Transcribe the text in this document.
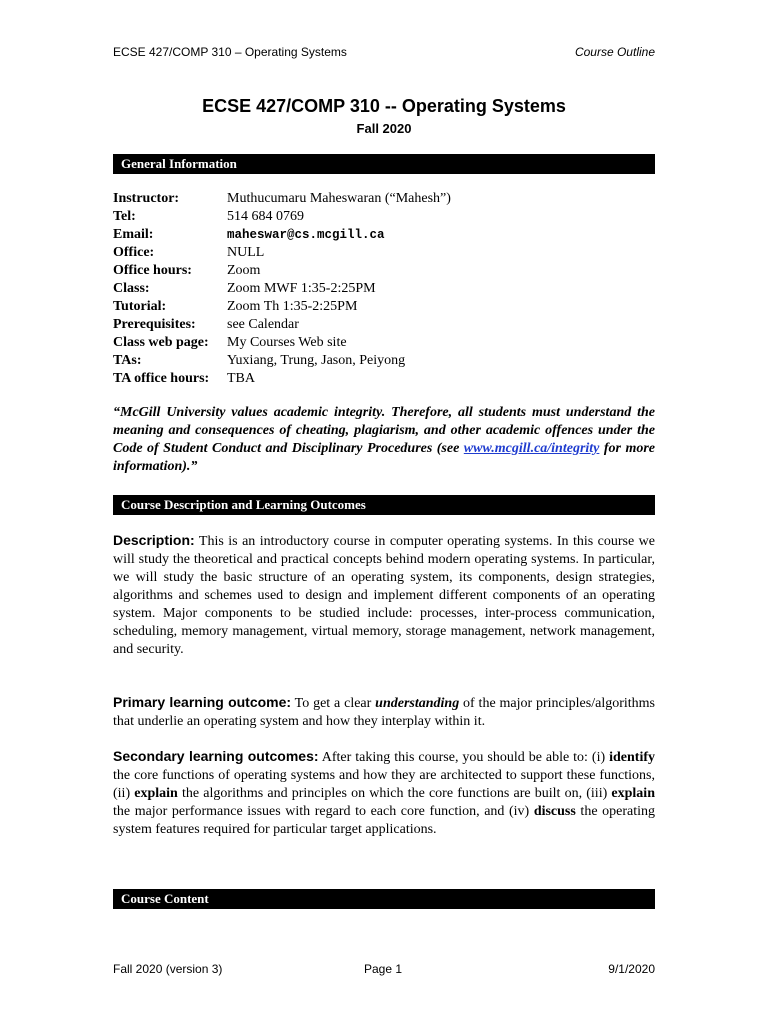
ECSE 427/COMP 310 – Operating Systems	Course Outline
ECSE 427/COMP 310 -- Operating Systems
Fall 2020
General Information
Instructor:	Muthucumaru Maheswaran (“Mahesh”)
Tel:	514 684 0769
Email:	maheswar@cs.mcgill.ca
Office:	NULL
Office hours:	Zoom
Class:	Zoom MWF 1:35-2:25PM
Tutorial:	Zoom Th 1:35-2:25PM
Prerequisites:	see Calendar
Class web page:	My Courses Web site
TAs:	Yuxiang, Trung, Jason, Peiyong
TA office hours:	TBA
“McGill University values academic integrity. Therefore, all students must understand the meaning and consequences of cheating, plagiarism, and other academic offences under the Code of Student Conduct and Disciplinary Procedures (see www.mcgill.ca/integrity for more information).”
Course Description and Learning Outcomes
Description: This is an introductory course in computer operating systems. In this course we will study the theoretical and practical concepts behind modern operating systems. In particular, we will study the basic structure of an operating system, its components, design strategies, algorithms and schemes used to design and implement different components of an operating system. Major components to be studied include: processes, inter-process communication, scheduling, memory management, virtual memory, storage management, network management, and security.
Primary learning outcome: To get a clear understanding of the major principles/algorithms that underlie an operating system and how they interplay within it.
Secondary learning outcomes: After taking this course, you should be able to: (i) identify the core functions of operating systems and how they are architected to support these functions, (ii) explain the algorithms and principles on which the core functions are built on, (iii) explain the major performance issues with regard to each core function, and (iv) discuss the operating system features required for particular target applications.
Course Content
Fall 2020 (version 3)	Page 1	9/1/2020
